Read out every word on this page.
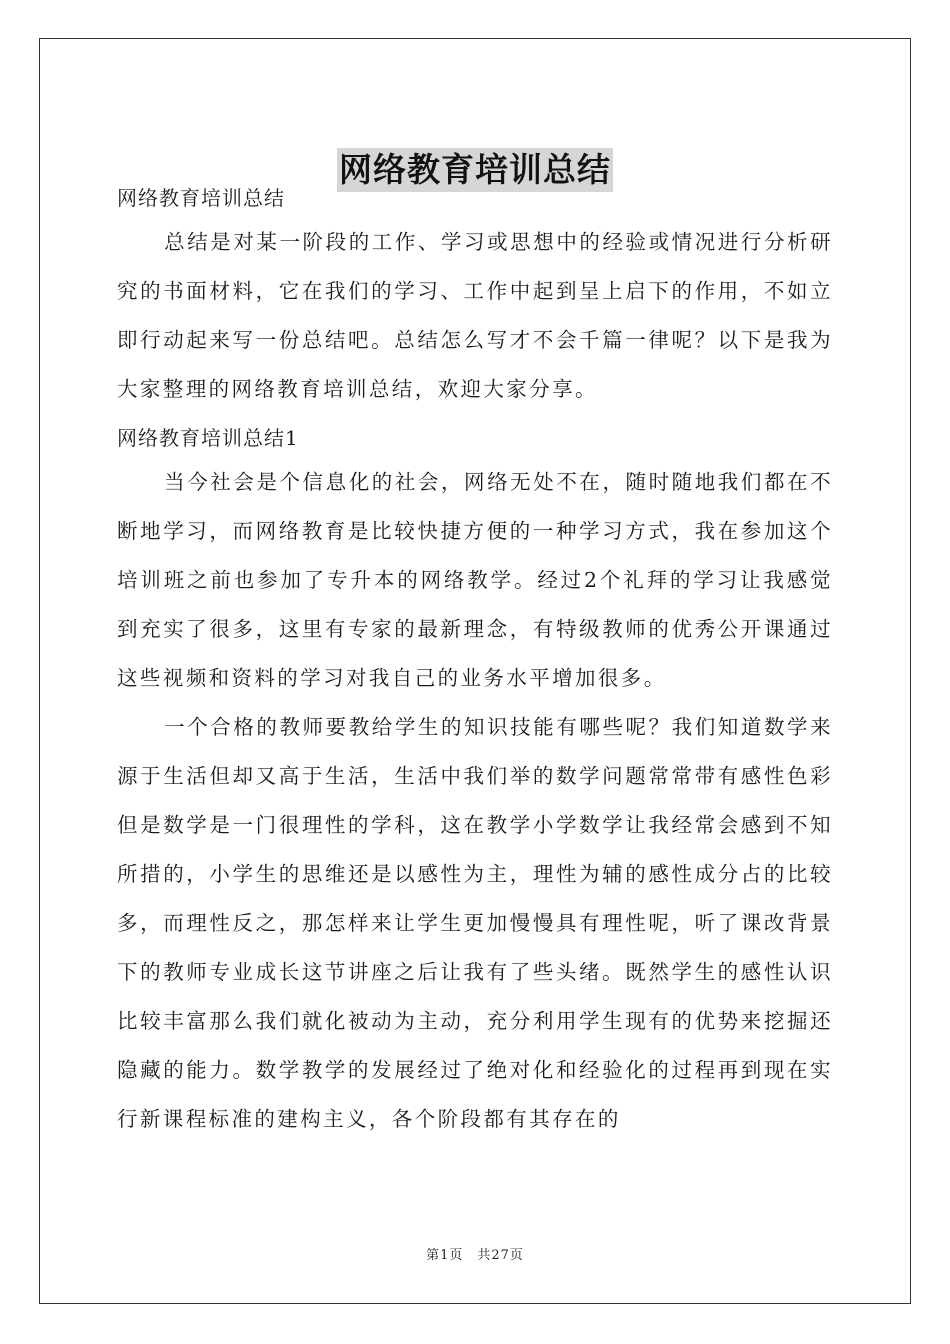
网络教育培训总结

网络教育培训总结

总结是对某一阶段的工作、学习或思想中的经验或情况进行分析研究的书面材料，它在我们的学习、工作中起到呈上启下的作用，不如立即行动起来写一份总结吧。总结怎么写才不会千篇一律呢？以下是我为大家整理的网络教育培训总结，欢迎大家分享。

网络教育培训总结1

当今社会是个信息化的社会，网络无处不在，随时随地我们都在不断地学习，而网络教育是比较快捷方便的一种学习方式，我在参加这个培训班之前也参加了专升本的网络教学。经过2个礼拜的学习让我感觉到充实了很多，这里有专家的最新理念，有特级教师的优秀公开课通过这些视频和资料的学习对我自己的业务水平增加很多。

一个合格的教师要教给学生的知识技能有哪些呢？我们知道数学来源于生活但却又高于生活，生活中我们举的数学问题常常带有感性色彩但是数学是一门很理性的学科，这在教学小学数学让我经常会感到不知所措的，小学生的思维还是以感性为主，理性为辅的感性成分占的比较多，而理性反之，那怎样来让学生更加慢慢具有理性呢，听了课改背景下的教师专业成长这节讲座之后让我有了些头绪。既然学生的感性认识比较丰富那么我们就化被动为主动，充分利用学生现有的优势来挖掘还隐藏的能力。数学教学的发展经过了绝对化和经验化的过程再到现在实行新课程标准的建构主义，各个阶段都有其存在的

第1页　共27页
